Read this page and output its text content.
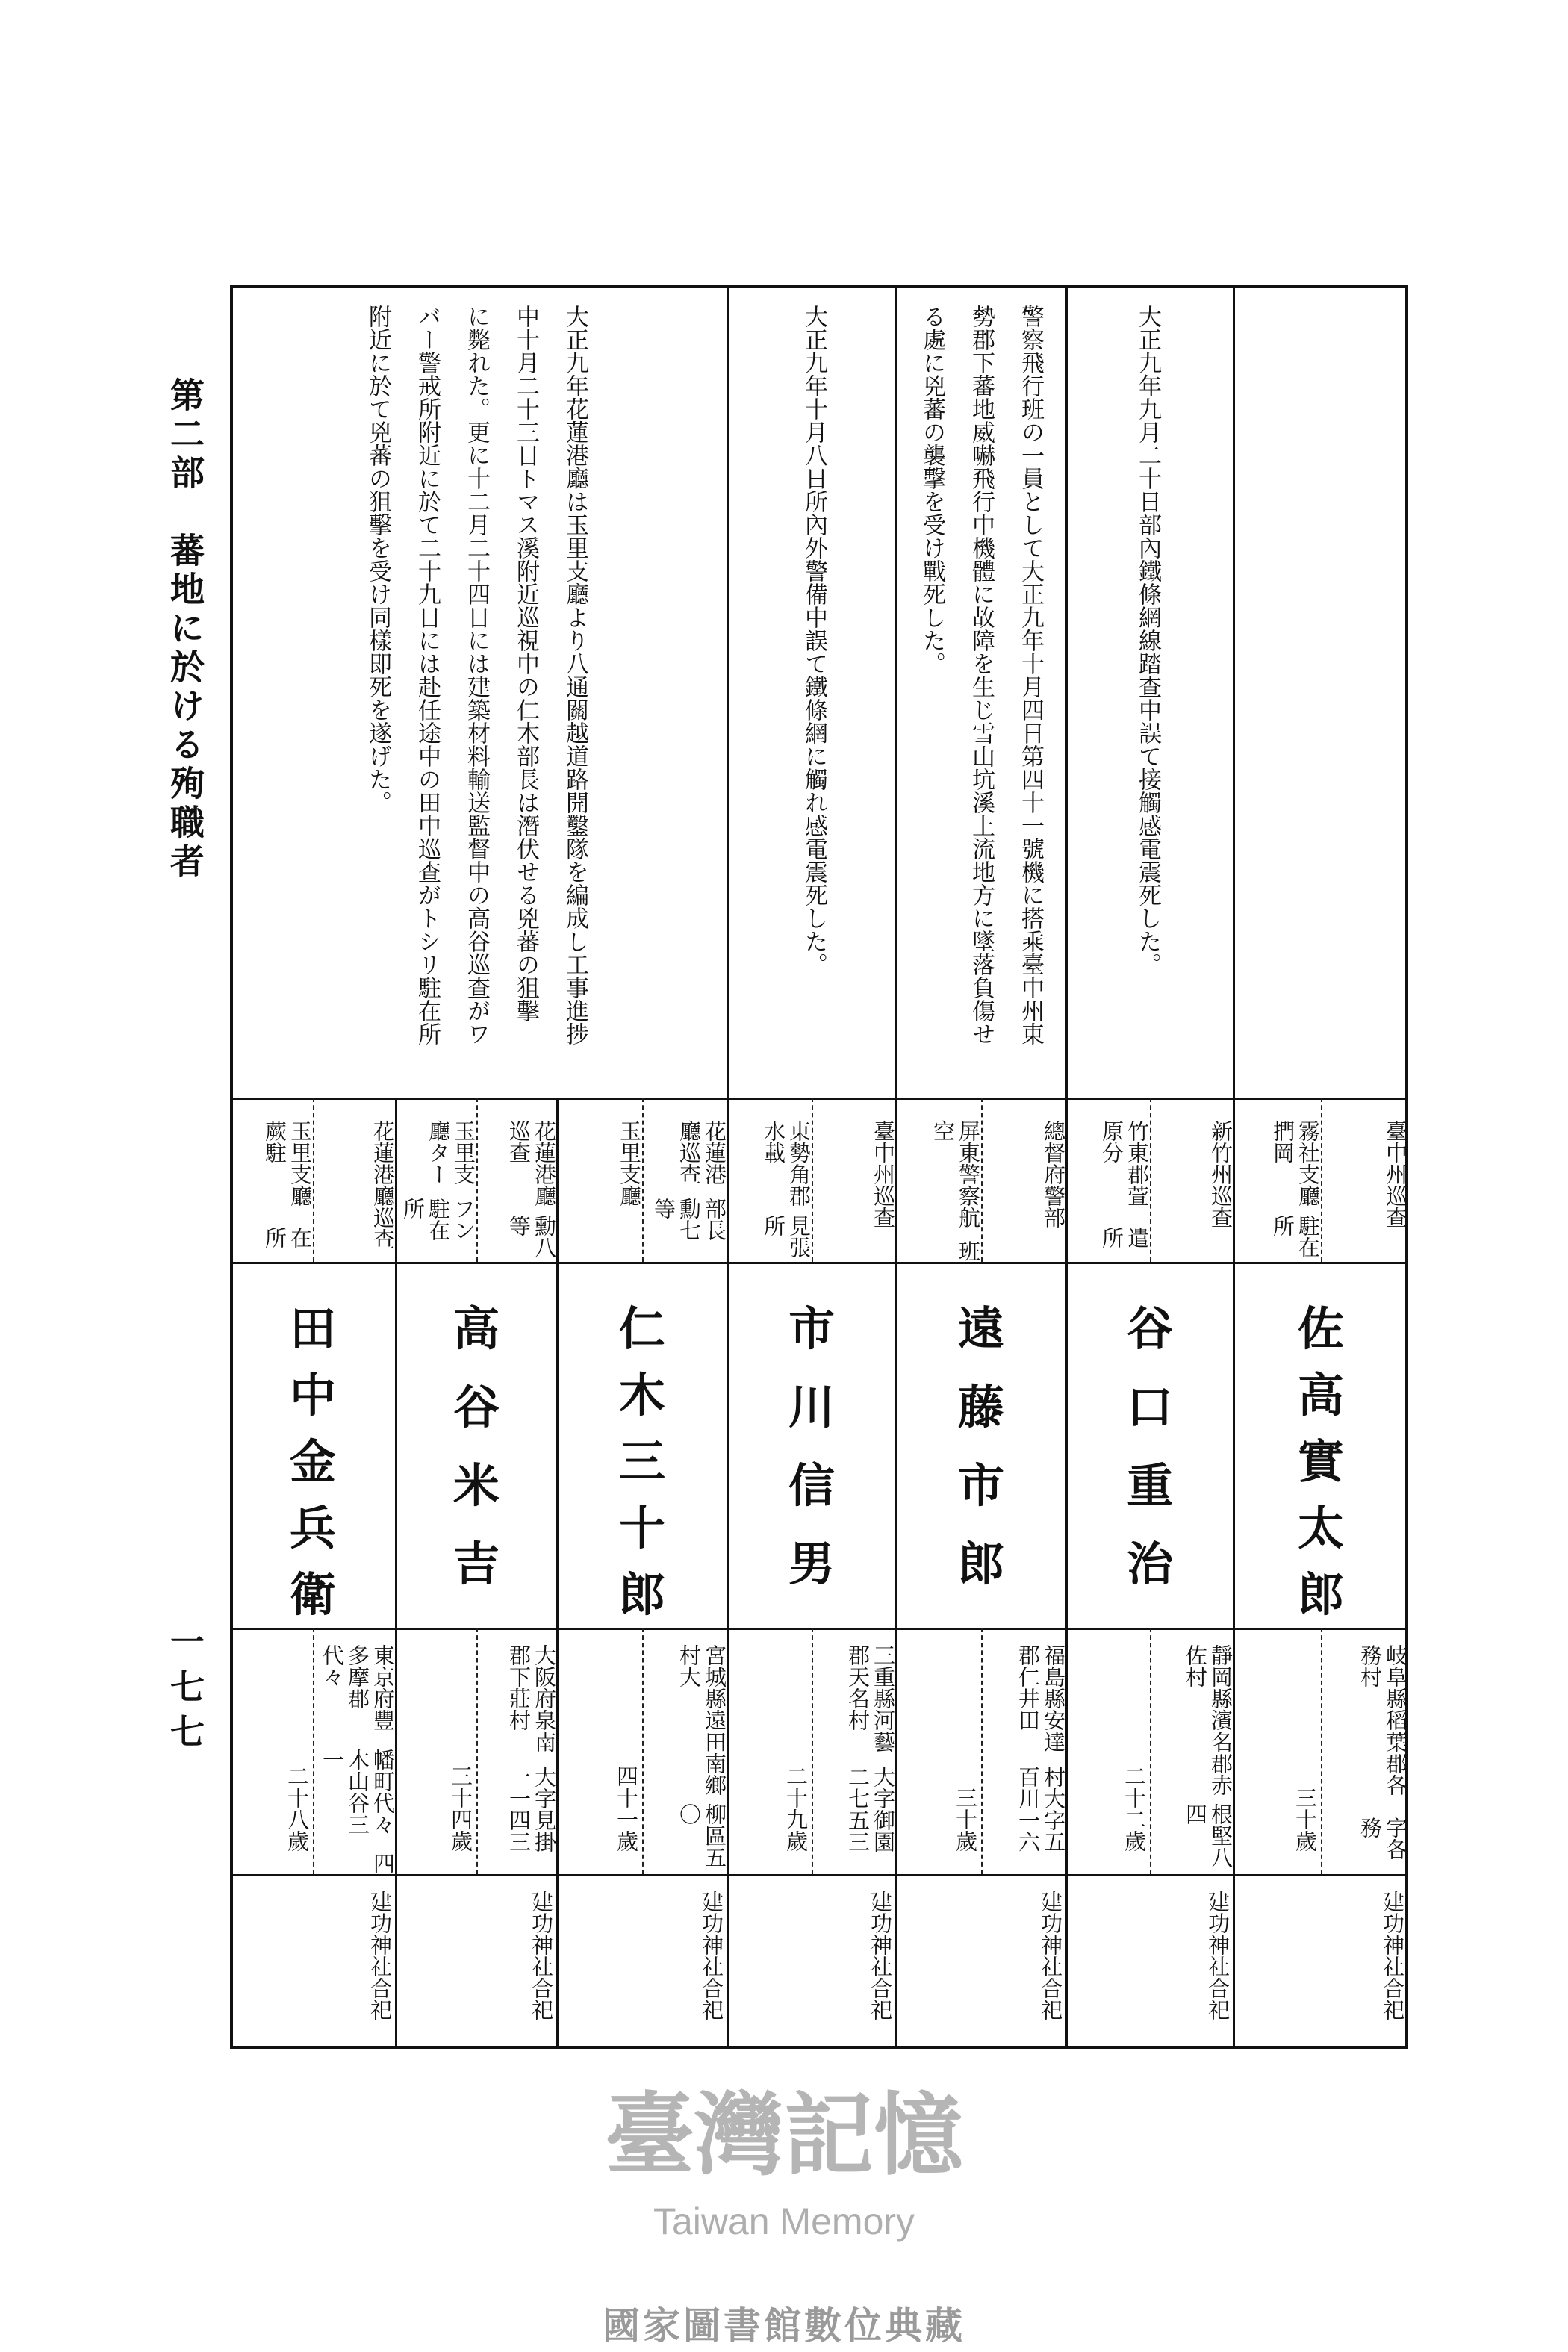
第二部　蕃地に於ける殉職者
一七七
大正九年九月二十日部內鐵條網線踏查中誤て接觸感電震死した。
警察飛行班の一員として大正九年十月四日第四十一號機に搭乘臺中州東
勢郡下蕃地威嚇飛行中機體に故障を生じ雪山坑溪上流地方に墜落負傷せ
る處に兇蕃の襲擊を受け戰死した。
大正九年十月八日所內外警備中誤て鐵條網に觸れ感電震死した。
大正九年花蓮港廳は玉里支廳より八通關越道路開鑿隊を編成し工事進捗
中十月二十三日トマス溪附近巡視中の仁木部長は潛伏せる兇蕃の狙擊
に斃れた。更に十二月二十四日には建築材料輸送監督中の高谷巡查がワ
バー警戒所附近に於て二十九日には赴任途中の田中巡查がトシリ駐在所
附近に於て兇蕃の狙擊を受け同樣即死を遂げた。
臺中州巡查
霧社支廳捫岡
駐在所
佐
高
實
太
郎
岐阜縣稻葉郡各務村
字各務
三十歲
建功神社合祀
新竹州巡查
竹東郡萱原分
遣所
谷
口
重
治
靜岡縣濱名郡赤佐村
根堅八四
二十二歲
建功神社合祀
總督府警部
屏東警察航空
班
遠
藤
市
郎
福島縣安達郡仁井田
村大字五百川一六
三十歲
建功神社合祀
臺中州巡查
東勢角郡水載
見張所
市
川
信
男
三重縣河藝郡天名村
大字御園二七五三
二十九歲
建功神社合祀
花蓮港廳巡查
部長勳七等
玉里支廳
仁
木
三
十
郎
宮城縣遠田南鄉村大
柳區五〇
四十一歲
建功神社合祀
花蓮港廳巡查
勳八等
玉里支廳ター
フン駐在所
高
谷
米
吉
大阪府泉南郡下莊村
大字見掛一一四三
三十四歲
建功神社合祀
花蓮港廳巡查
玉里支廳蕨駐
在所
田
中
金
兵
衛
東京府豐多摩郡代々
幡町代々木山谷三一
四
二十八歲
建功神社合祀
臺灣記憶
Taiwan Memory
國家圖書館數位典藏
